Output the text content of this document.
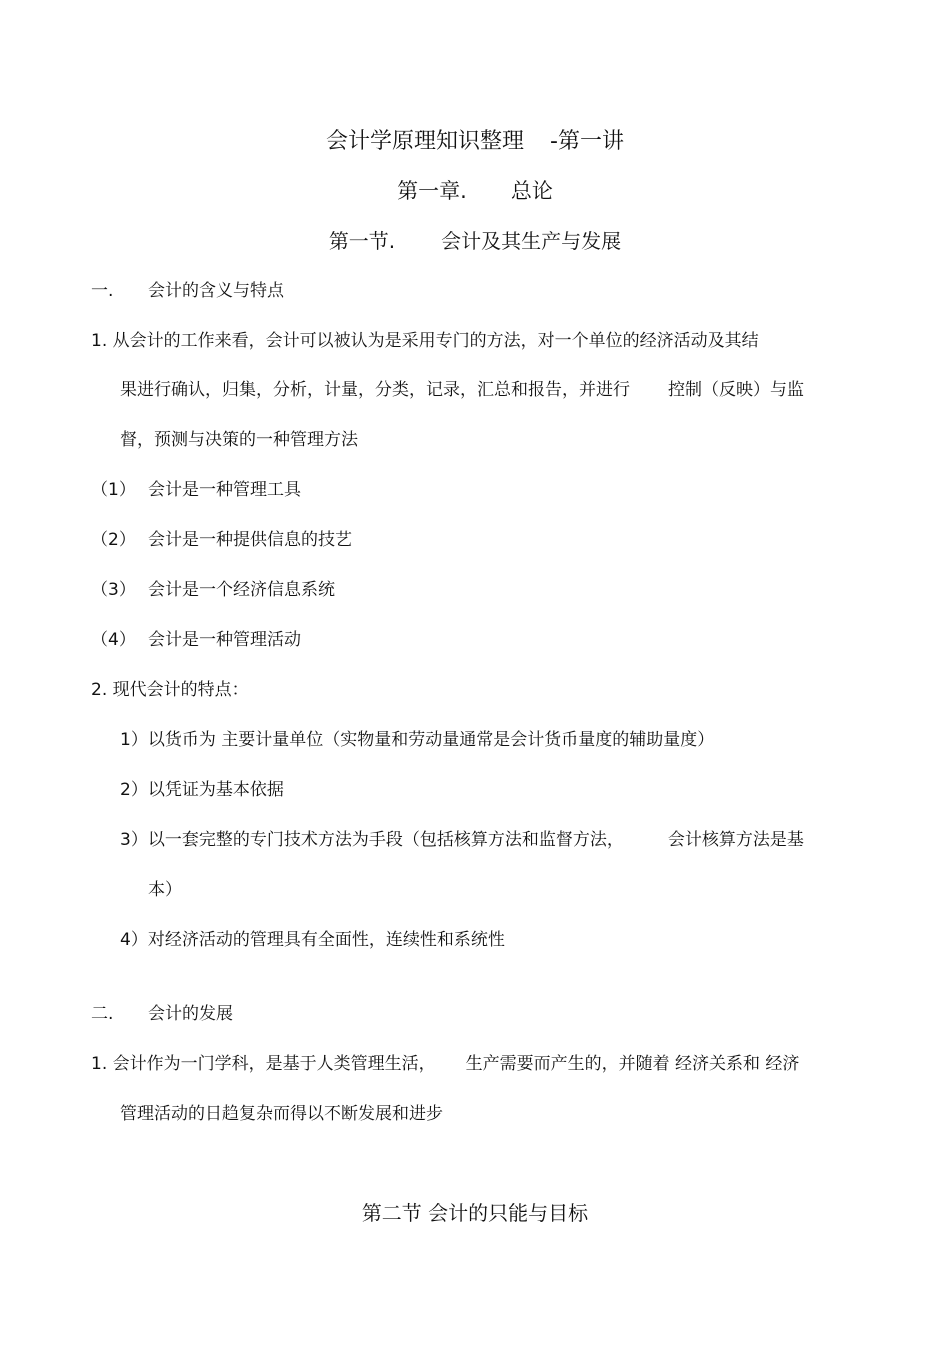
会计学原理知识整理 -第一讲
第一章. 总论
第一节. 会计及其生产与发展
一. 会计的含义与特点
1. 从会计的工作来看，会计可以被认为是采用专门的方法，对一个单位的经济活动及其结
果进行确认，归集，分析，计量，分类，记录，汇总和报告，并进行 控制（反映）与监
督，预测与决策的一种管理方法
（1） 会计是一种管理工具
（2） 会计是一种提供信息的技艺
（3） 会计是一个经济信息系统
（4） 会计是一种管理活动
2. 现代会计的特点：
1）以货币为 主要计量单位（实物量和劳动量通常是会计货币量度的辅助量度）
2）以凭证为基本依据
3）以一套完整的专门技术方法为手段（包括核算方法和监督方法，	会计核算方法是基
本）
4）对经济活动的管理具有全面性，连续性和系统性
二. 会计的发展
1. 会计作为一门学科，是基于人类管理生活， 生产需要而产生的，并随着 经济关系和 经济
管理活动的日趋复杂而得以不断发展和进步
第二节 会计的只能与目标
